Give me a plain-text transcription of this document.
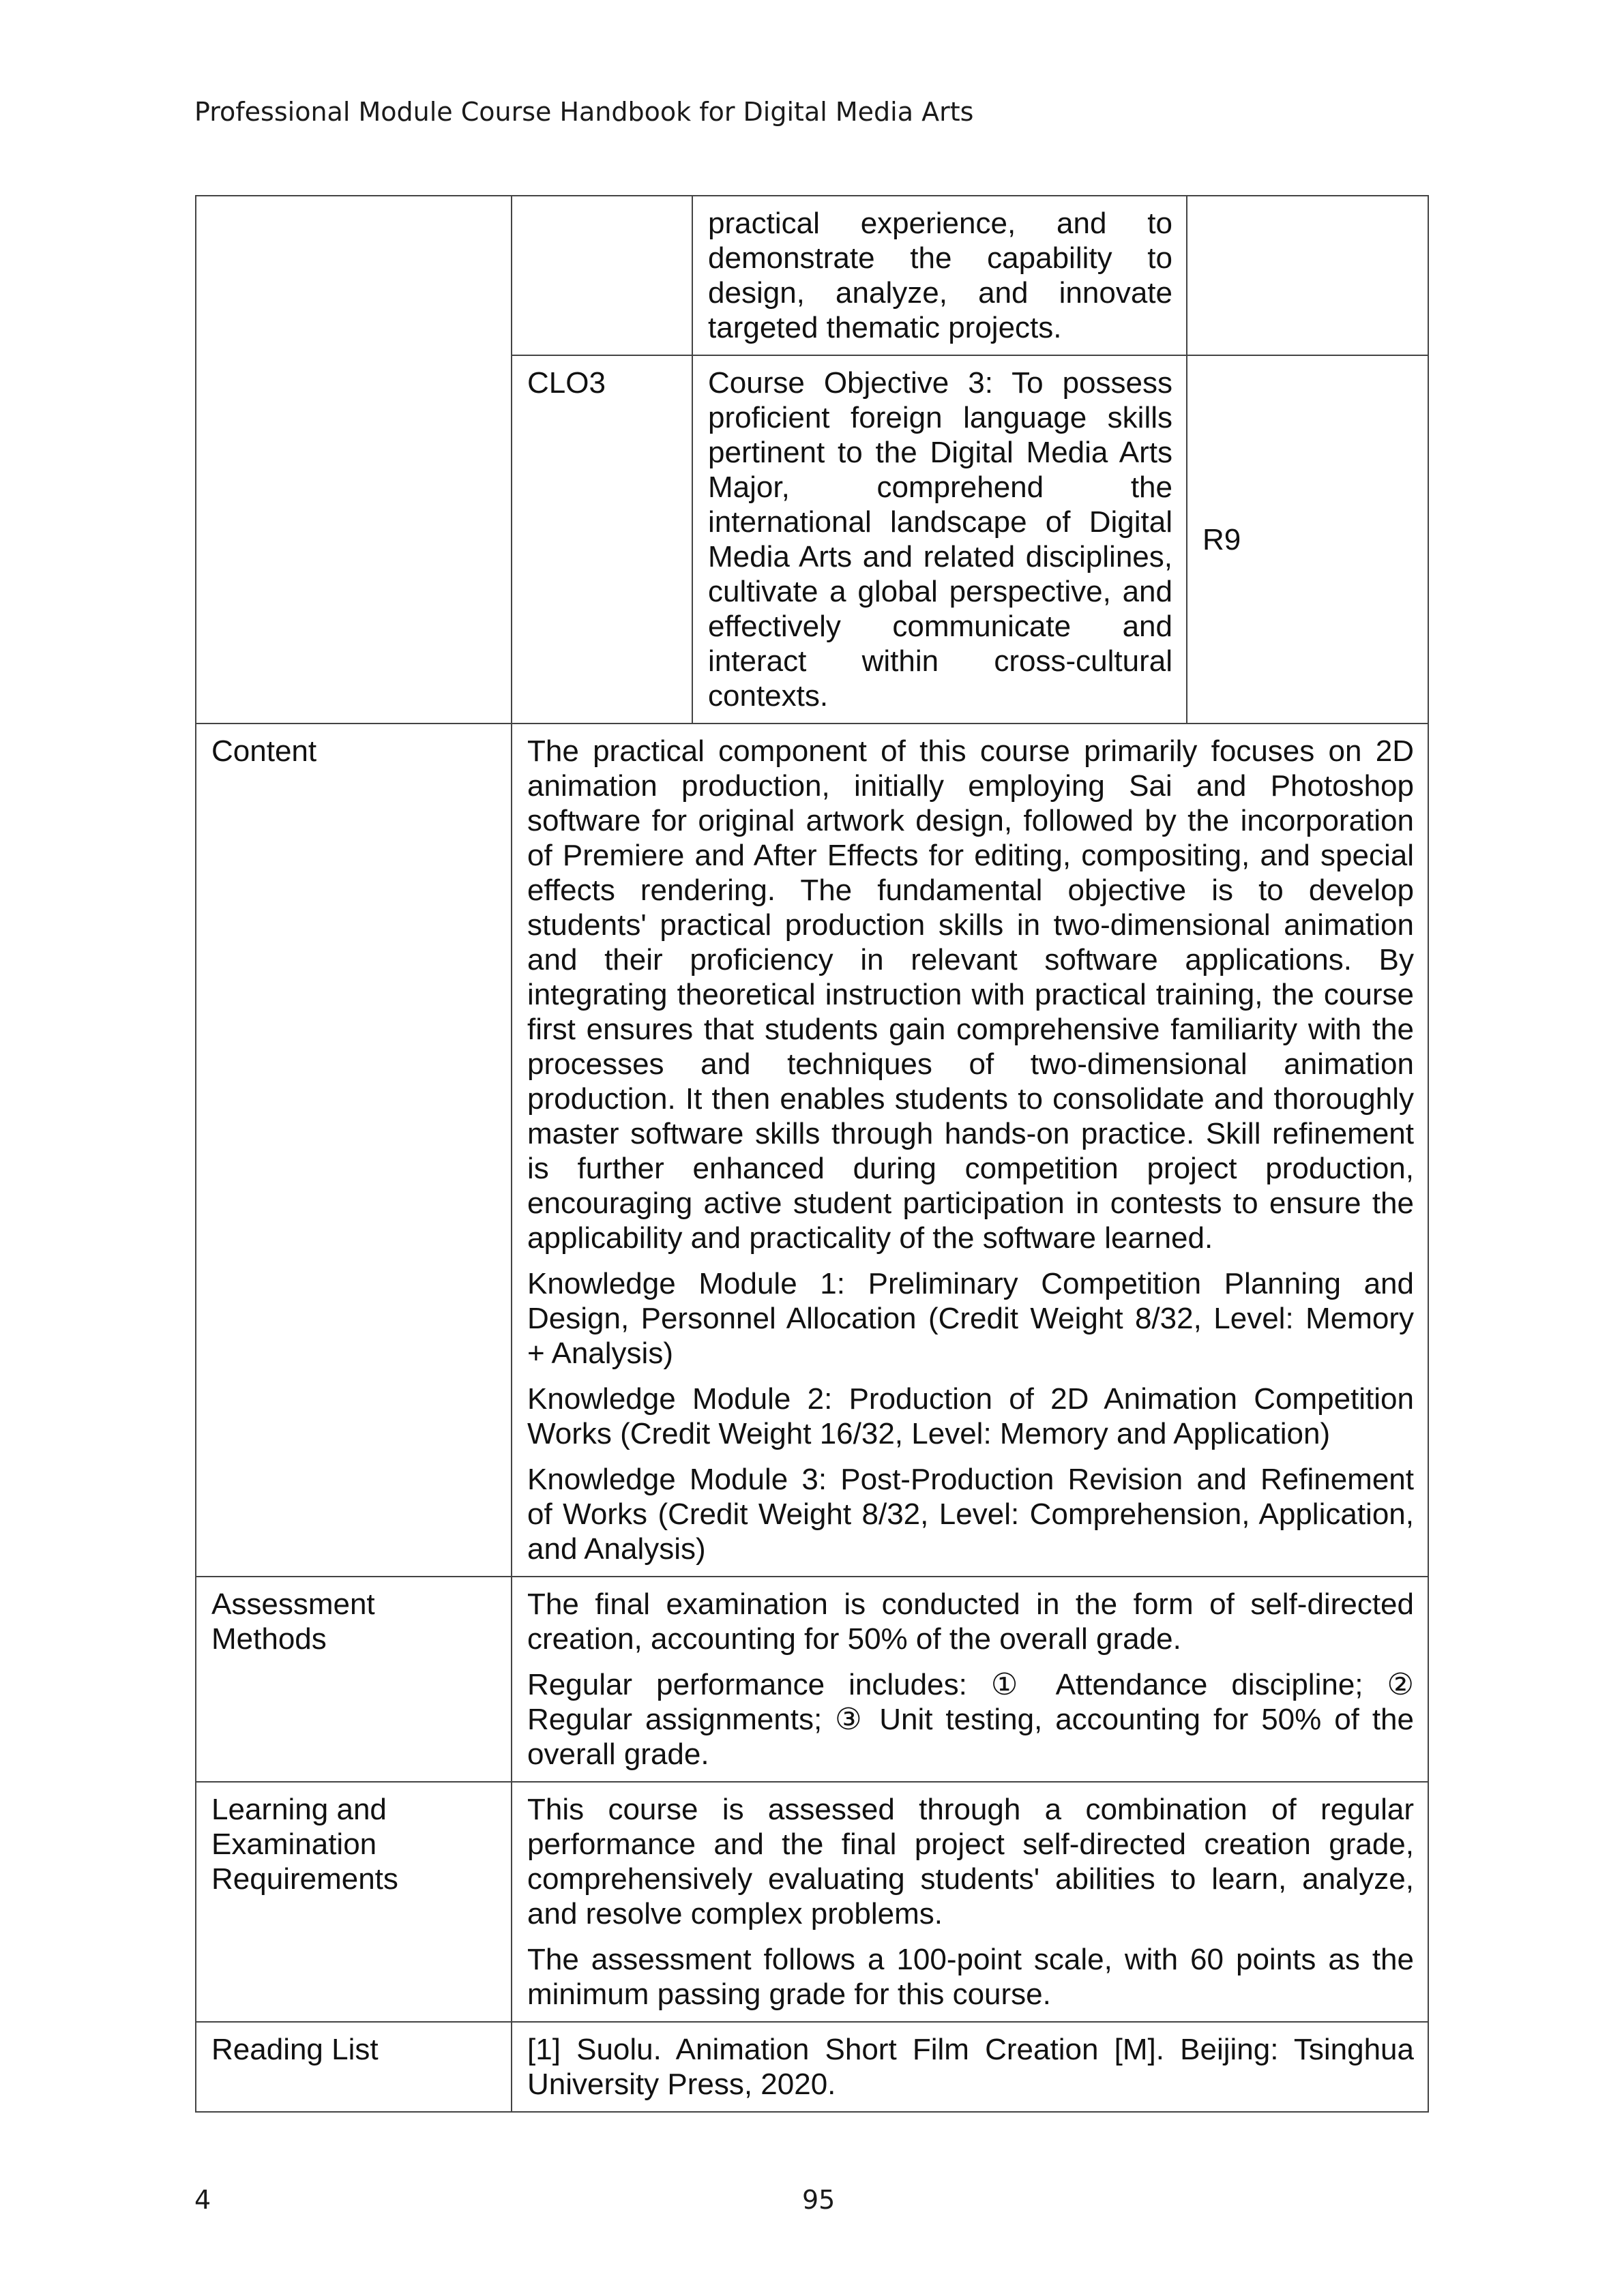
Professional Module Course Handbook for Digital Media Arts
		practical experience, and to demonstrate the capability to design, analyze, and innovate targeted thematic projects.	
	CLO3	Course Objective 3: To possess proficient foreign language skills pertinent to the Digital Media Arts Major, comprehend the international landscape of Digital Media Arts and related disciplines, cultivate a global perspective, and effectively communicate and interact within cross-cultural contexts.	R9
Content	The practical component of this course primarily focuses on 2D animation production, initially employing Sai and Photoshop software for original artwork design, followed by the incorporation of Premiere and After Effects for editing, compositing, and special effects rendering. The fundamental objective is to develop students' practical production skills in two-dimensional animation and their proficiency in relevant software applications. By integrating theoretical instruction with practical training, the course first ensures that students gain comprehensive familiarity with the processes and techniques of two-dimensional animation production. It then enables students to consolidate and thoroughly master software skills through hands-on practice. Skill refinement is further enhanced during competition project production, encouraging active student participation in contests to ensure the applicability and practicality of the software learned.

Knowledge Module 1: Preliminary Competition Planning and Design, Personnel Allocation (Credit Weight 8/32, Level: Memory + Analysis)

Knowledge Module 2: Production of 2D Animation Competition Works (Credit Weight 16/32, Level: Memory and Application)

Knowledge Module 3: Post-Production Revision and Refinement of Works (Credit Weight 8/32, Level: Comprehension, Application, and Analysis)		

Assessment Methods	The final examination is conducted in the form of self-directed creation, accounting for 50% of the overall grade.

Regular performance includes: ① Attendance discipline; ② Regular assignments; ③ Unit testing, accounting for 50% of the overall grade.		

Learning and Examination Requirements	This course is assessed through a combination of regular performance and the final project self-directed creation grade, comprehensively evaluating students' abilities to learn, analyze, and resolve complex problems.

The assessment follows a 100-point scale, with 60 points as the minimum passing grade for this course.		

Reading List	[1] Suolu. Animation Short Film Creation [M]. Beijing: Tsinghua University Press, 2020.		

4	95
